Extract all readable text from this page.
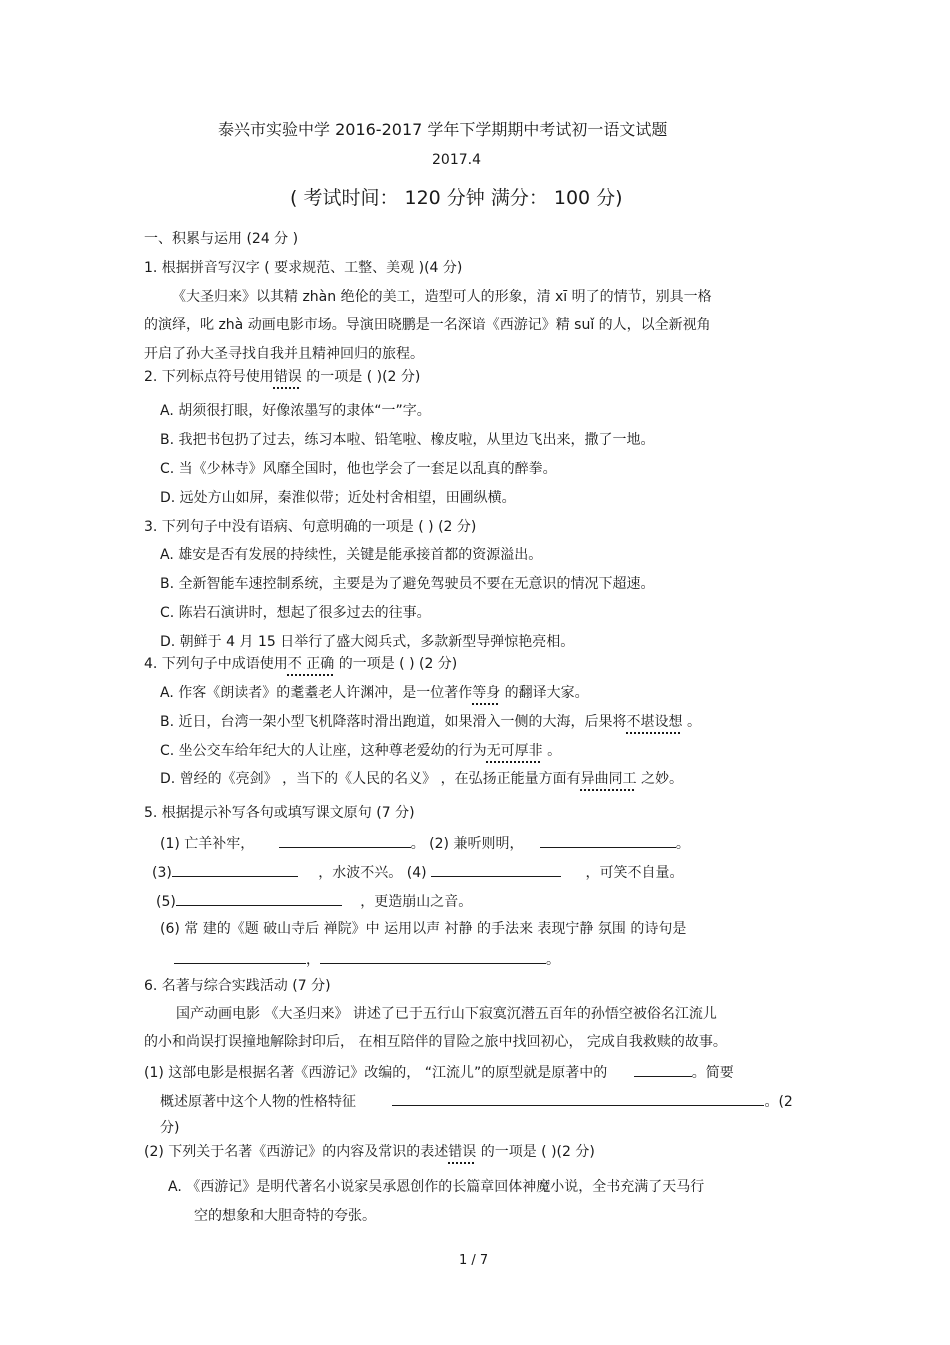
泰兴市实验中学 2016-2017 学年下学期期中考试初一语文试题
2017.4
( 考试时间： 120 分钟 满分： 100 分)
一、积累与运用 (24 分 )
1. 根据拼音写汉字 ( 要求规范、工整、美观 )(4 分)
《大圣归来》以其精 zhàn 绝伦的美工，造型可人的形象，清 xī 明了的情节，别具一格
的演绎，叱 zhà 动画电影市场。导演田晓鹏是一名深谙《西游记》精 suǐ 的人，以全新视角
开启了孙大圣寻找自我并且精神回归的旅程。
2. 下列标点符号使用错误 的一项是 ( )(2 分)
A. 胡须很打眼，好像浓墨写的隶体“一”字。
B. 我把书包扔了过去，练习本啦、铅笔啦、橡皮啦，从里边飞出来，撒了一地。
C. 当《少林寺》风靡全国时，他也学会了一套足以乱真的醉拳。
D. 远处方山如屏，秦淮似带；近处村舍相望，田圃纵横。
3. 下列句子中没有语病、句意明确的一项是 ( ) (2 分)
A. 雄安是否有发展的持续性，关键是能承接首都的资源溢出。
B. 全新智能车速控制系统，主要是为了避免驾驶员不要在无意识的情况下超速。
C. 陈岩石演讲时，想起了很多过去的往事。
D. 朝鲜于 4 月 15 日举行了盛大阅兵式，多款新型导弹惊艳亮相。
4. 下列句子中成语使用不 正确 的一项是 ( ) (2 分)
A. 作客《朗读者》的耄耋老人许渊冲，是一位著作等身 的翻译大家。
B. 近日，台湾一架小型飞机降落时滑出跑道，如果滑入一侧的大海，后果将不堪设想 。
C. 坐公交车给年纪大的人让座，这种尊老爱幼的行为无可厚非 。
D. 曾经的《亮剑》 ，当下的《人民的名义》 ，在弘扬正能量方面有异曲同工 之妙。
5. 根据提示补写各句或填写课文原句 (7 分)
(1) 亡羊补牢，	。 (2) 兼听则明，	。
(3)	，水波不兴。 (4)	，可笑不自量。
(5)	，更造崩山之音。
(6) 常 建的《题 破山寺后 禅院》中 运用以声 衬静 的手法来 表现宁静 氛围 的诗句是
，	。
6. 名著与综合实践活动 (7 分)
国产动画电影 《大圣归来》 讲述了已于五行山下寂寞沉潜五百年的孙悟空被俗名江流儿
的小和尚误打误撞地解除封印后， 在相互陪伴的冒险之旅中找回初心， 完成自我救赎的故事。
(1) 这部电影是根据名著《西游记》改编的， “江流儿”的原型就是原著中的	。简要
概述原著中这个人物的性格特征	。(2
分)
(2) 下列关于名著《西游记》的内容及常识的表述错误 的一项是 ( )(2 分)
A. 《西游记》是明代著名小说家吴承恩创作的长篇章回体神魔小说，全书充满了天马行
空的想象和大胆奇特的夸张。
1 / 7
